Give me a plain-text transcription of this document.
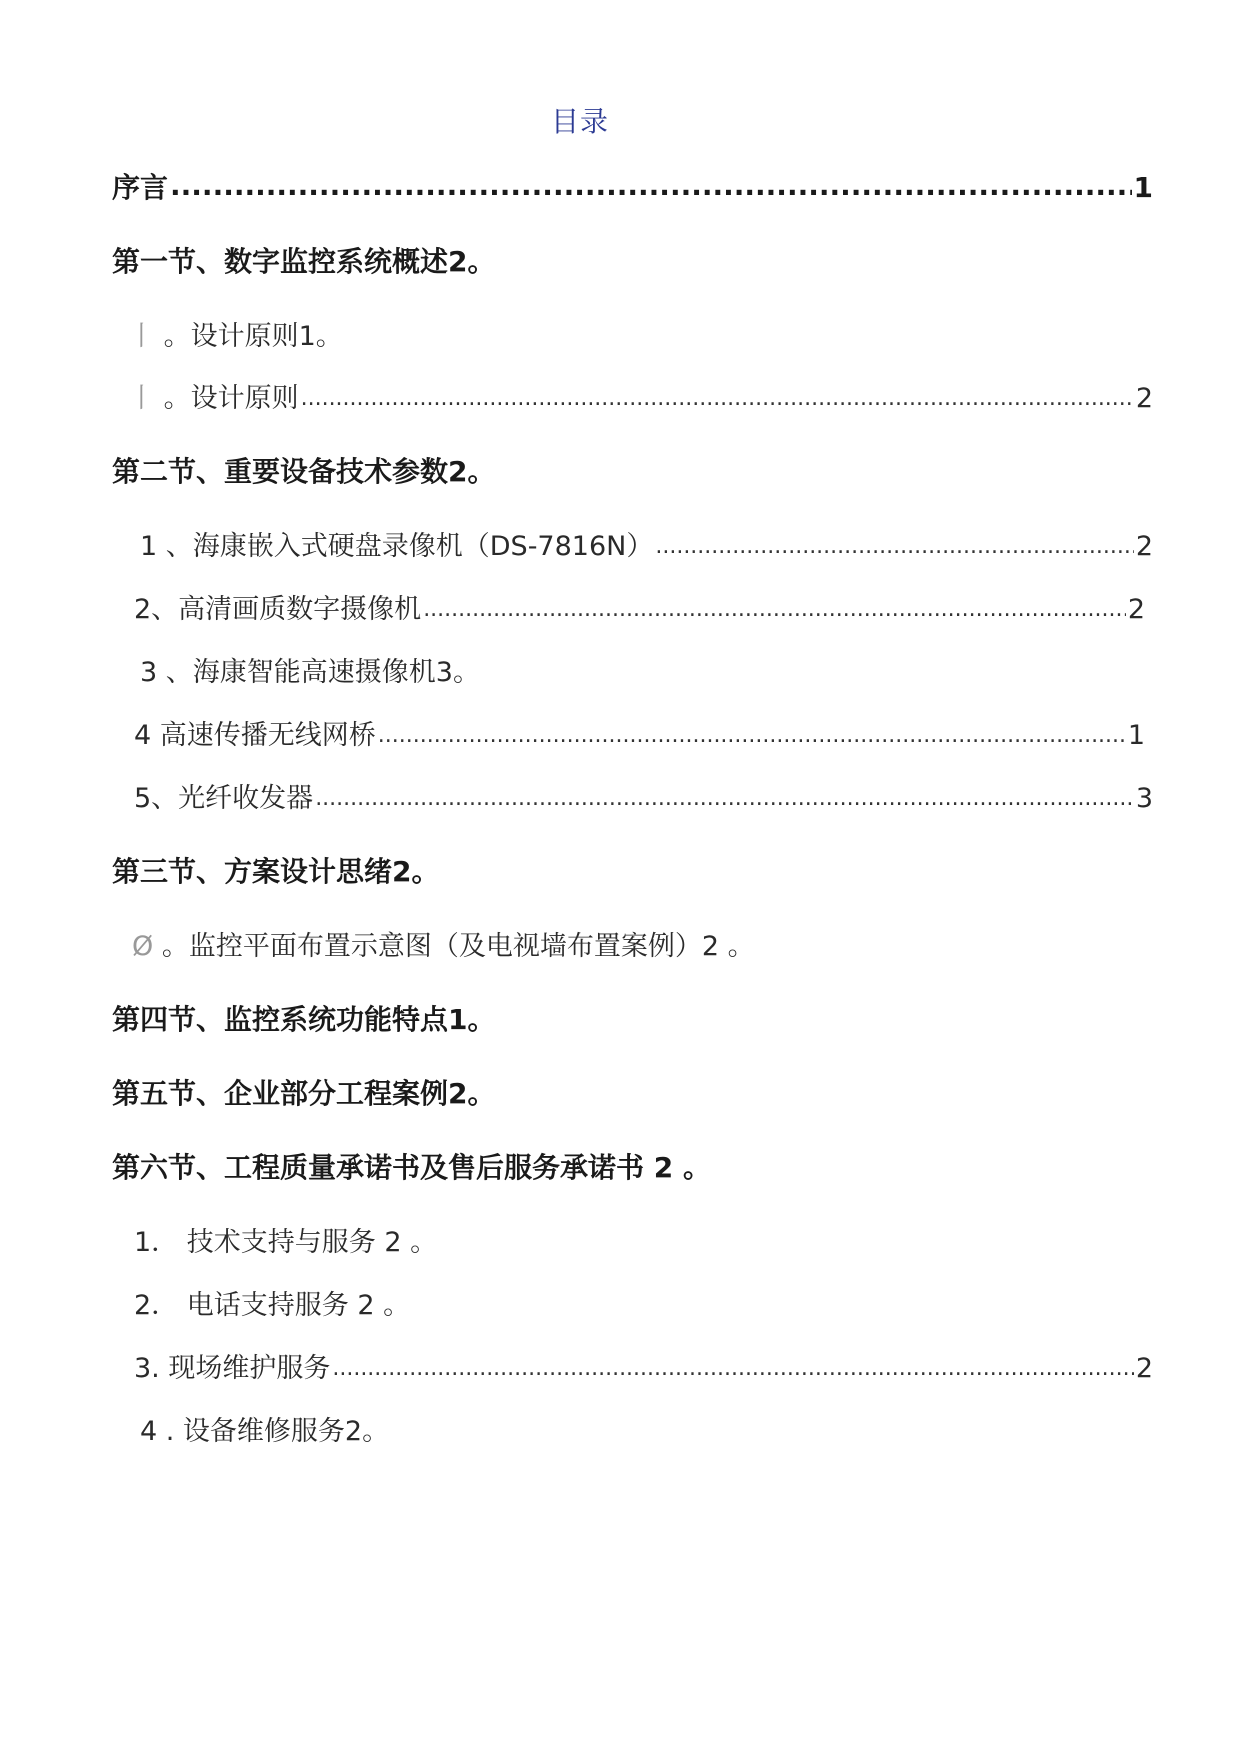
目录
序言 .....	1
第一节、数字监控系统概述2。
丨 。设计原则1。
丨 。设计原则 .....	2
第二节、重要设备技术参数2。
1 、海康嵌入式硬盘录像机（DS-7816N） .....	2
2、高清画质数字摄像机 .....	2
3 、海康智能高速摄像机3。
4 高速传播无线网桥 .....	1
5、光纤收发器 .....	3
第三节、方案设计思绪2。
Ø 。监控平面布置示意图（及电视墙布置案例）2 。
第四节、监控系统功能特点1。
第五节、企业部分工程案例2。
第六节、工程质量承诺书及售后服务承诺书 2 。
1． 技术支持与服务 2 。
2． 电话支持服务 2 。
3. 现场维护服务 .....	2
4 . 设备维修服务2。
